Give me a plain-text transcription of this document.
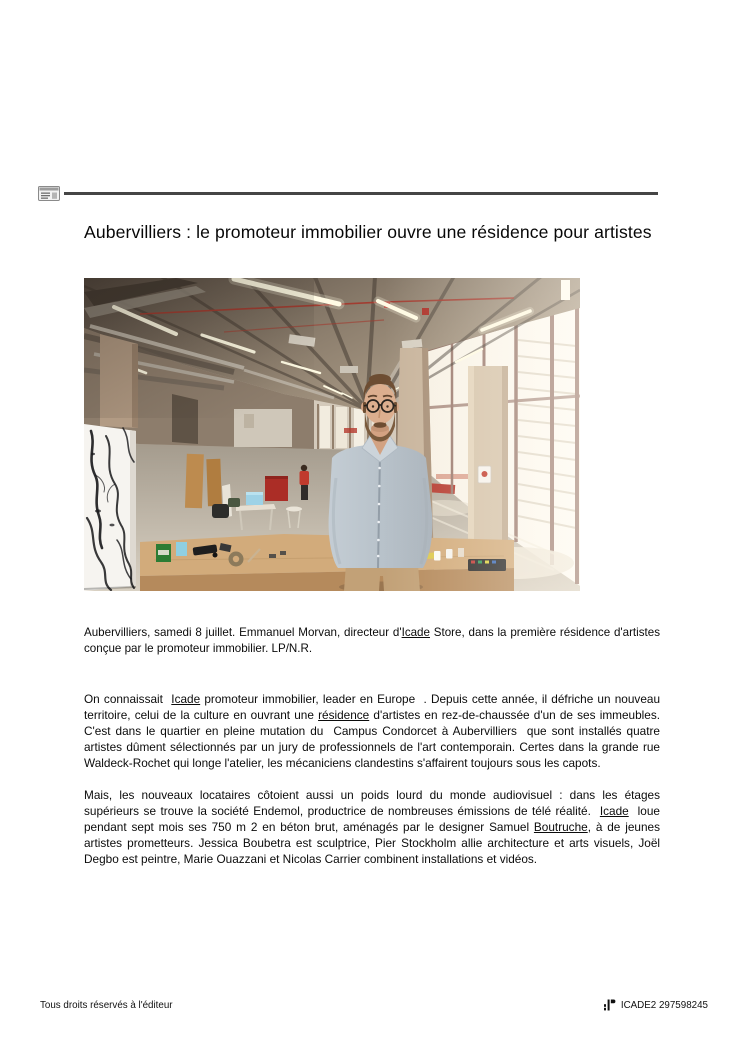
Aubervilliers : le promoteur immobilier ouvre une résidence pour artistes

Aubervilliers, samedi 8 juillet. Emmanuel Morvan, directeur d'Icade Store, dans la première résidence d'artistes conçue par le promoteur immobilier. LP/N.R.

On connaissait  Icade promoteur immobilier, leader en Europe  . Depuis cette année, il défriche un nouveau territoire, celui de la culture en ouvrant une résidence d'artistes en rez-de-chaussée d'un de ses immeubles. C'est dans le quartier en pleine mutation du  Campus Condorcet à Aubervilliers  que sont installés quatre artistes dûment sélectionnés par un jury de professionnels de l'art contemporain. Certes dans la grande rue Waldeck-Rochet qui longe l'atelier, les mécaniciens clandestins s'affairent toujours sous les capots.

Mais, les nouveaux locataires côtoient aussi un poids lourd du monde audiovisuel : dans les étages supérieurs se trouve la société Endemol, productrice de nombreuses émissions de télé réalité.  Icade  loue pendant sept mois ses 750 m 2 en béton brut, aménagés par le designer Samuel Boutruche, à de jeunes artistes prometteurs. Jessica Boubetra est sculptrice, Pier Stockholm allie architecture et arts visuels, Joël Degbo est peintre, Marie Ouazzani et Nicolas Carrier combinent installations et vidéos.

Tous droits réservés à l'éditeur	ICADE2 297598245
